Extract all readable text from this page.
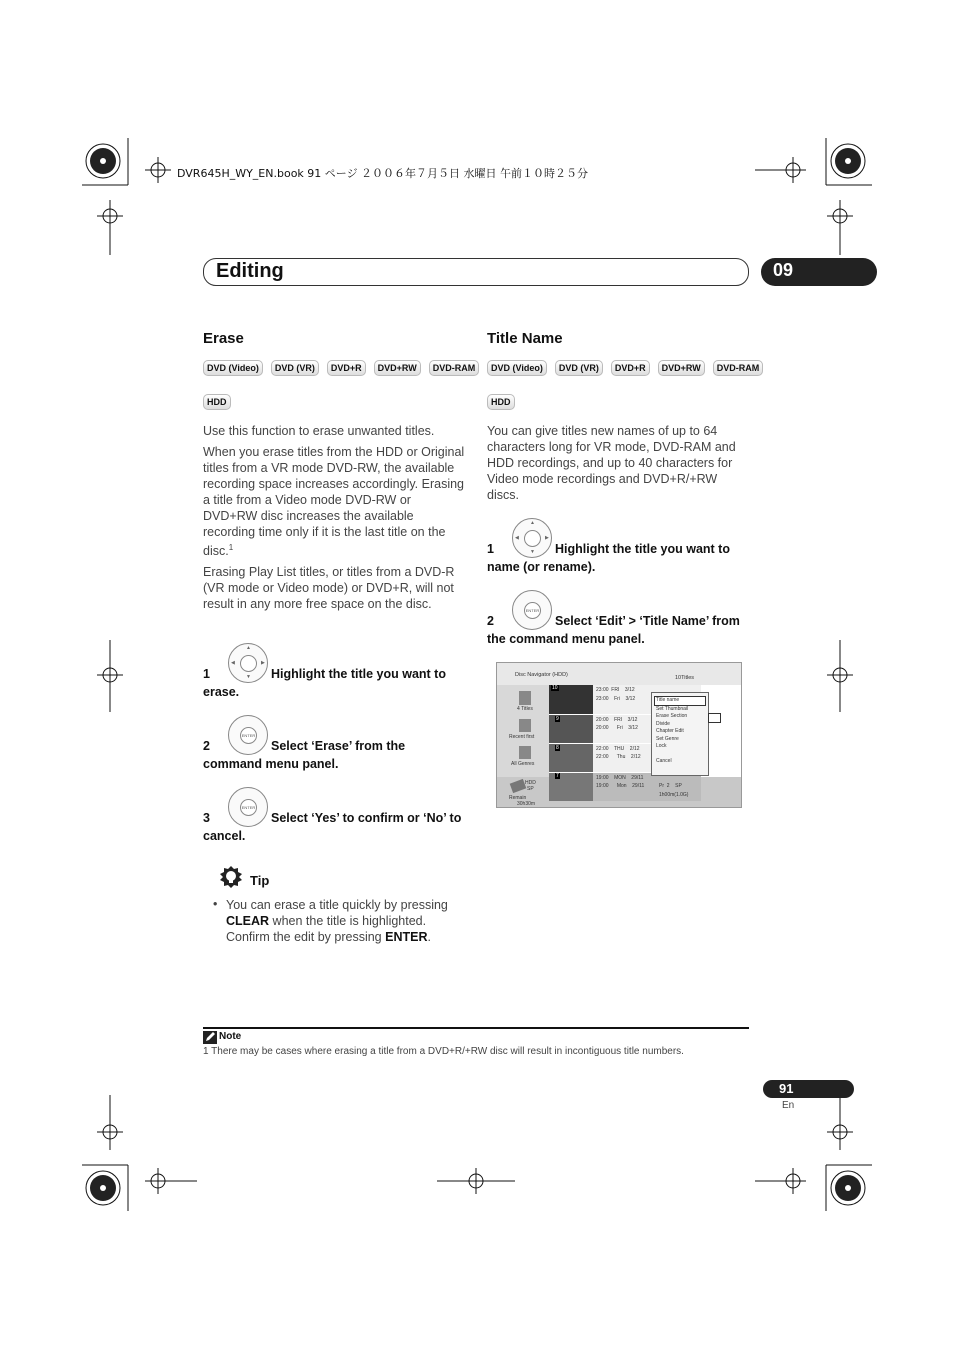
DVR645H_WY_EN.book 91 ページ ２００６年７月５日 水曜日 午前１０時２５分
Editing	09
Erase
DVD (Video)	DVD (VR)	DVD+R	DVD+RW	DVD-RAM
HDD

Use this function to erase unwanted titles.

When you erase titles from the HDD or Original titles from a VR mode DVD-RW, the available recording space increases accordingly. Erasing a title from a Video mode DVD-RW or DVD+RW disc increases the available recording time only if it is the last title on the disc.$^1$

Erasing Play List titles, or titles from a DVD-R (VR mode or Video mode) or DVD+R, will not result in any more free space on the disc.

▲
▼
◀	▶
1	Highlight the title you want to erase.
ENTER
2	Select ‘Erase’ from the command menu panel.
ENTER
3	Select ‘Yes’ to confirm or ‘No’ to cancel.
Tip
• You can erase a title quickly by pressing CLEAR when the title is highlighted. Confirm the edit by pressing ENTER.
Title Name
DVD (Video)	DVD (VR)	DVD+R	DVD+RW	DVD-RAM
HDD

You can give titles new names of up to 64 characters long for VR mode, DVD-RAM and HDD recordings, and up to 40 characters for Video mode recordings and DVD+R/+RW discs.

▲
▼
◀	▶
1	Highlight the title you want to name (or rename).
ENTER
2	Select ‘Edit’ > ‘Title Name’ from the command menu panel.
Disc Navigator (HDD)	10Titles
4 Titles
Recent first
All Genres
HDD
SP
Remain
30h30m
10	23:00  FRI    3/12
23:00    Fri    3/12
9	20:00    FRI    3/12
20:00      Fri    3/12
8	22:00    THU    2/12
22:00      Thu    2/12
7	19:00    MON    29/11
19:00      Mon    29/11	Pr  2    SP
1h00m(1.0G)
Title name
Set Thumbnail
Erase Section
Divide
Chapter Edit
Set Genre
Lock
Cancel
Note
1 There may be cases where erasing a title from a DVD+R/+RW disc will result in incontiguous title numbers.
91
En
